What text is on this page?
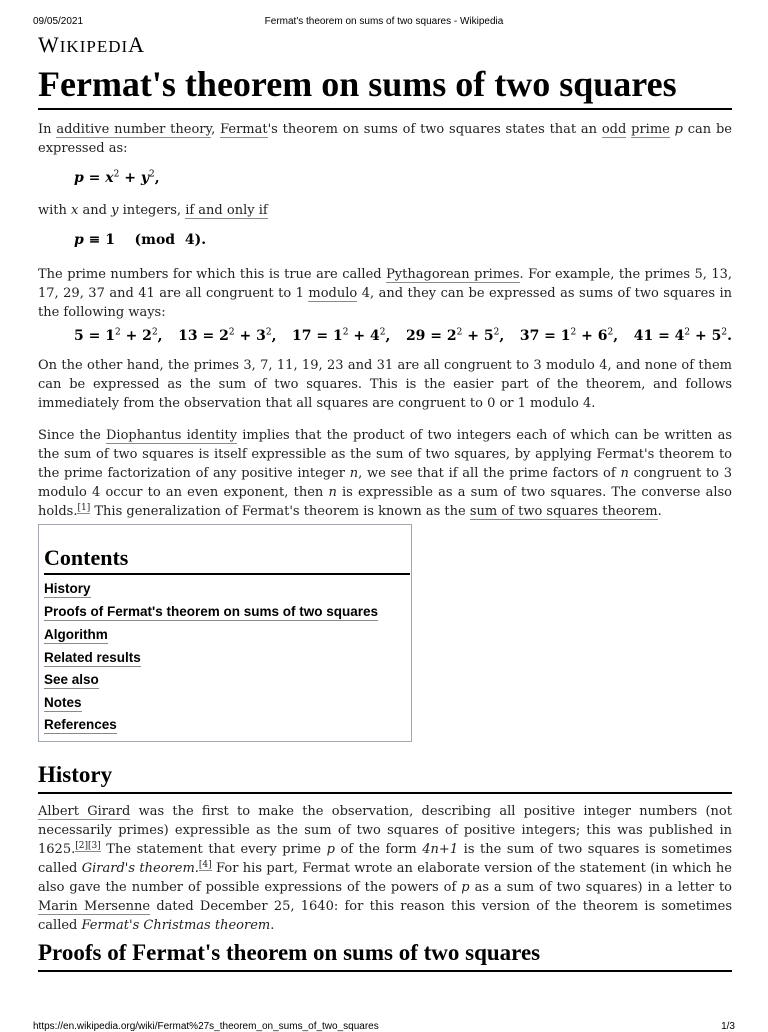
09/05/2021	Fermat's theorem on sums of two squares - Wikipedia
WIKIPEDIA
Fermat's theorem on sums of two squares

In additive number theory, Fermat's theorem on sums of two squares states that an odd prime p can be expressed as:

$p = x^2 + y^2$,

with x and y integers, if and only if

p ≡ 1    (mod  4).

The prime numbers for which this is true are called Pythagorean primes. For example, the primes 5, 13, 17, 29, 37 and 41 are all congruent to 1 modulo 4, and they can be expressed as sums of two squares in the following ways:

$5 = 1^2 + 2^2$, $13 = 2^2 + 3^2$, $17 = 1^2 + 4^2$, $29 = 2^2 + 5^2$, $37 = 1^2 + 6^2$, $41 = 4^2 + 5^2$.

On the other hand, the primes 3, 7, 11, 19, 23 and 31 are all congruent to 3 modulo 4, and none of them can be expressed as the sum of two squares. This is the easier part of the theorem, and follows immediately from the observation that all squares are congruent to 0 or 1 modulo 4.

Since the Diophantus identity implies that the product of two integers each of which can be written as the sum of two squares is itself expressible as the sum of two squares, by applying Fermat's theorem to the prime factorization of any positive integer n, we see that if all the prime factors of n congruent to 3 modulo 4 occur to an even exponent, then n is expressible as a sum of two squares. The converse also holds.[1] This generalization of Fermat's theorem is known as the sum of two squares theorem.

Contents
History
Proofs of Fermat's theorem on sums of two squares
Algorithm
Related results
See also
Notes
References
History

Albert Girard was the first to make the observation, describing all positive integer numbers (not necessarily primes) expressible as the sum of two squares of positive integers; this was published in 1625.[2][3] The statement that every prime p of the form 4n+1 is the sum of two squares is sometimes called Girard's theorem.[4] For his part, Fermat wrote an elaborate version of the statement (in which he also gave the number of possible expressions of the powers of p as a sum of two squares) in a letter to Marin Mersenne dated December 25, 1640: for this reason this version of the theorem is sometimes called Fermat's Christmas theorem.

Proofs of Fermat's theorem on sums of two squares
https://en.wikipedia.org/wiki/Fermat%27s_theorem_on_sums_of_two_squares	1/3
